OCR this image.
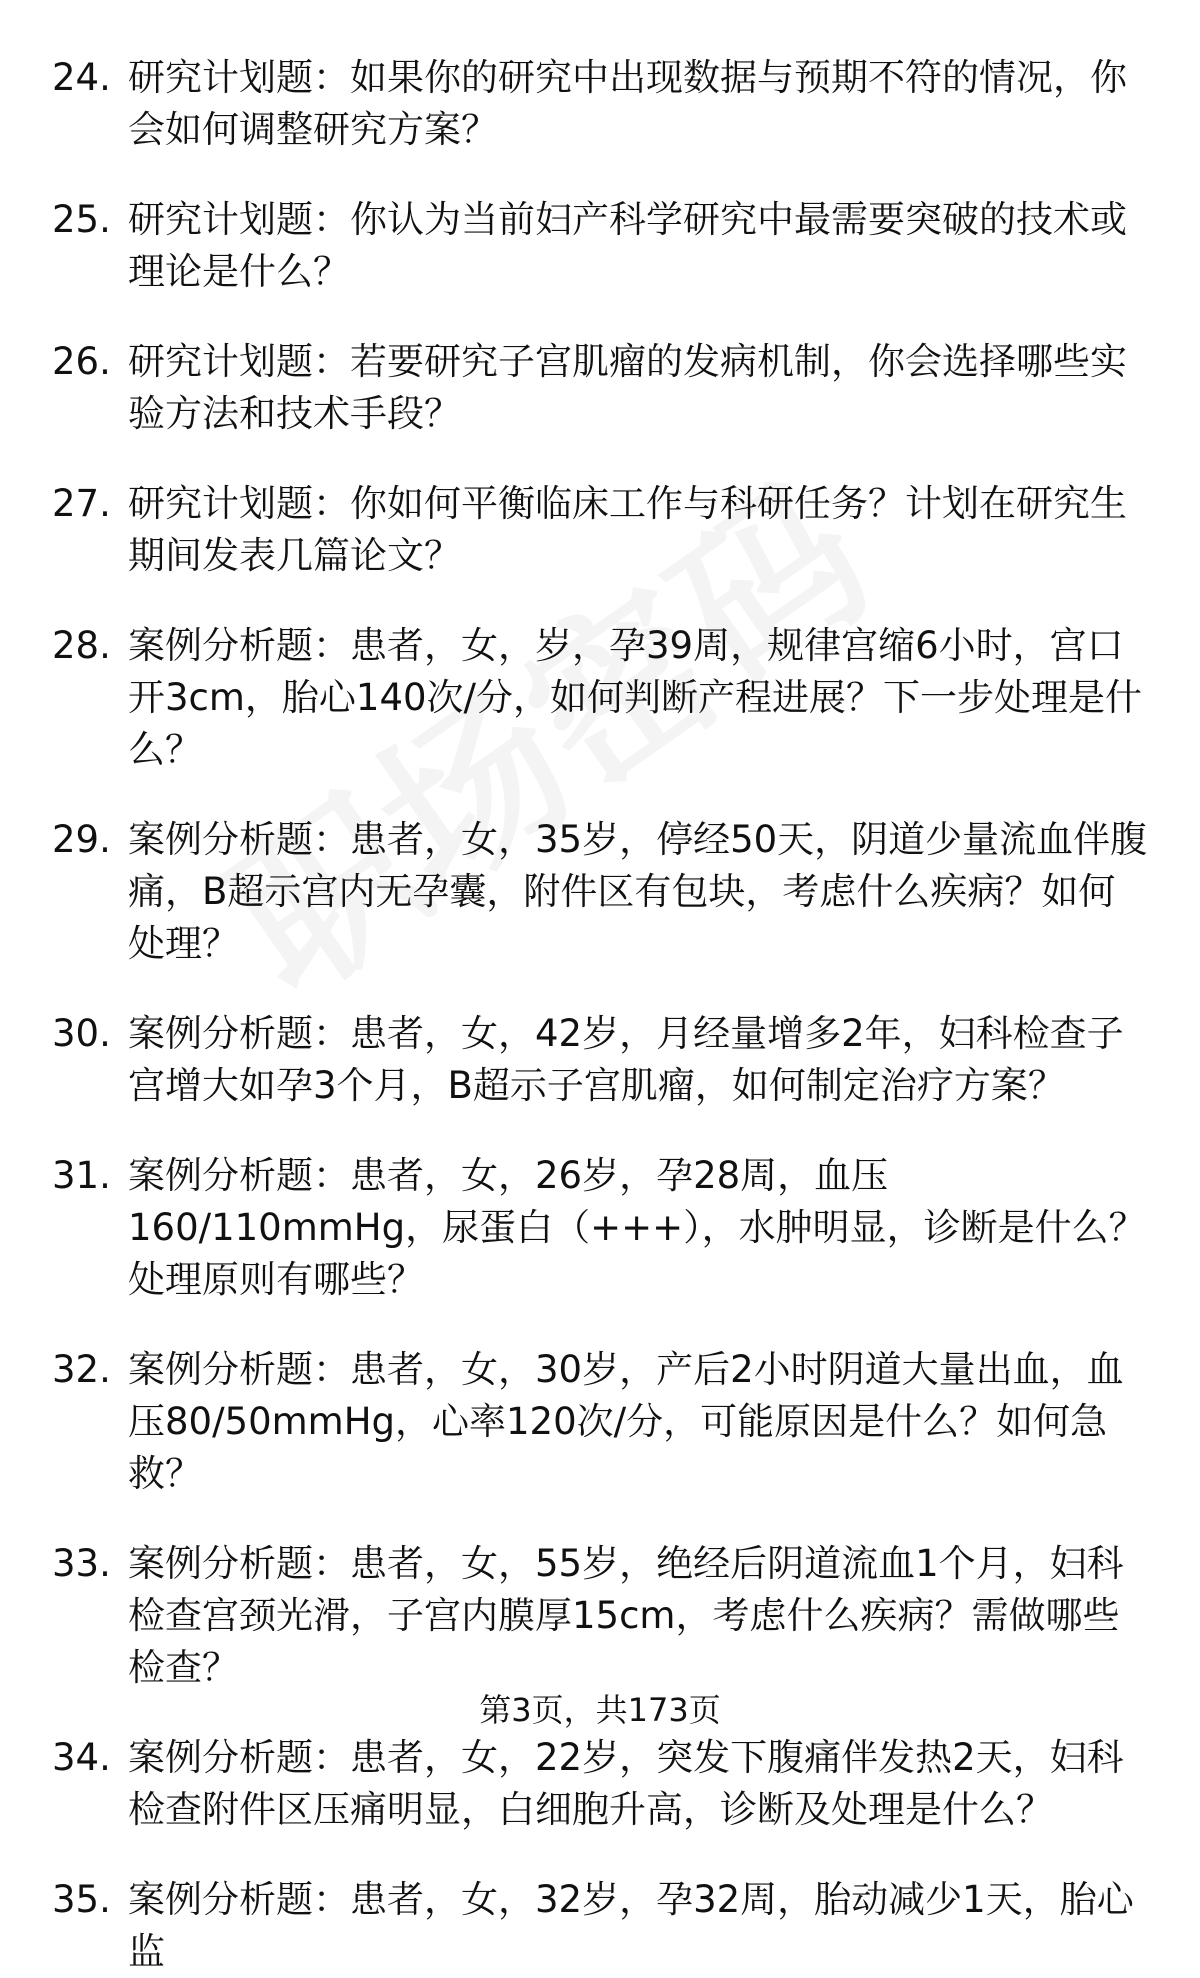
24. 研究计划题：如果你的研究中出现数据与预期不符的情况，你会如何调整研究方案？
25. 研究计划题：你认为当前妇产科学研究中最需要突破的技术或理论是什么？
26. 研究计划题：若要研究子宫肌瘤的发病机制，你会选择哪些实验方法和技术手段？
27. 研究计划题：你如何平衡临床工作与科研任务？计划在研究生期间发表几篇论文？
28. 案例分析题：患者，女，岁，孕39周，规律宫缩6小时，宫口开3cm，胎心140次/分，如何判断产程进展？下一步处理是什么？
29. 案例分析题：患者，女，35岁，停经50天，阴道少量流血伴腹痛，B超示宫内无孕囊，附件区有包块，考虑什么疾病？如何处理？
30. 案例分析题：患者，女，42岁，月经量增多2年，妇科检查子宫增大如孕3个月，B超示子宫肌瘤，如何制定治疗方案？
31. 案例分析题：患者，女，26岁，孕28周，血压160/110mmHg，尿蛋白（+++），水肿明显，诊断是什么？处理原则有哪些？
32. 案例分析题：患者，女，30岁，产后2小时阴道大量出血，血压80/50mmHg，心率120次/分，可能原因是什么？如何急救？
33. 案例分析题：患者，女，55岁，绝经后阴道流血1个月，妇科检查宫颈光滑，子宫内膜厚15cm，考虑什么疾病？需做哪些检查？
34. 案例分析题：患者，女，22岁，突发下腹痛伴发热2天，妇科检查附件区压痛明显，白细胞升高，诊断及处理是什么？
35. 案例分析题：患者，女，32岁，孕32周，胎动减少1天，胎心监
第3页，共173页
